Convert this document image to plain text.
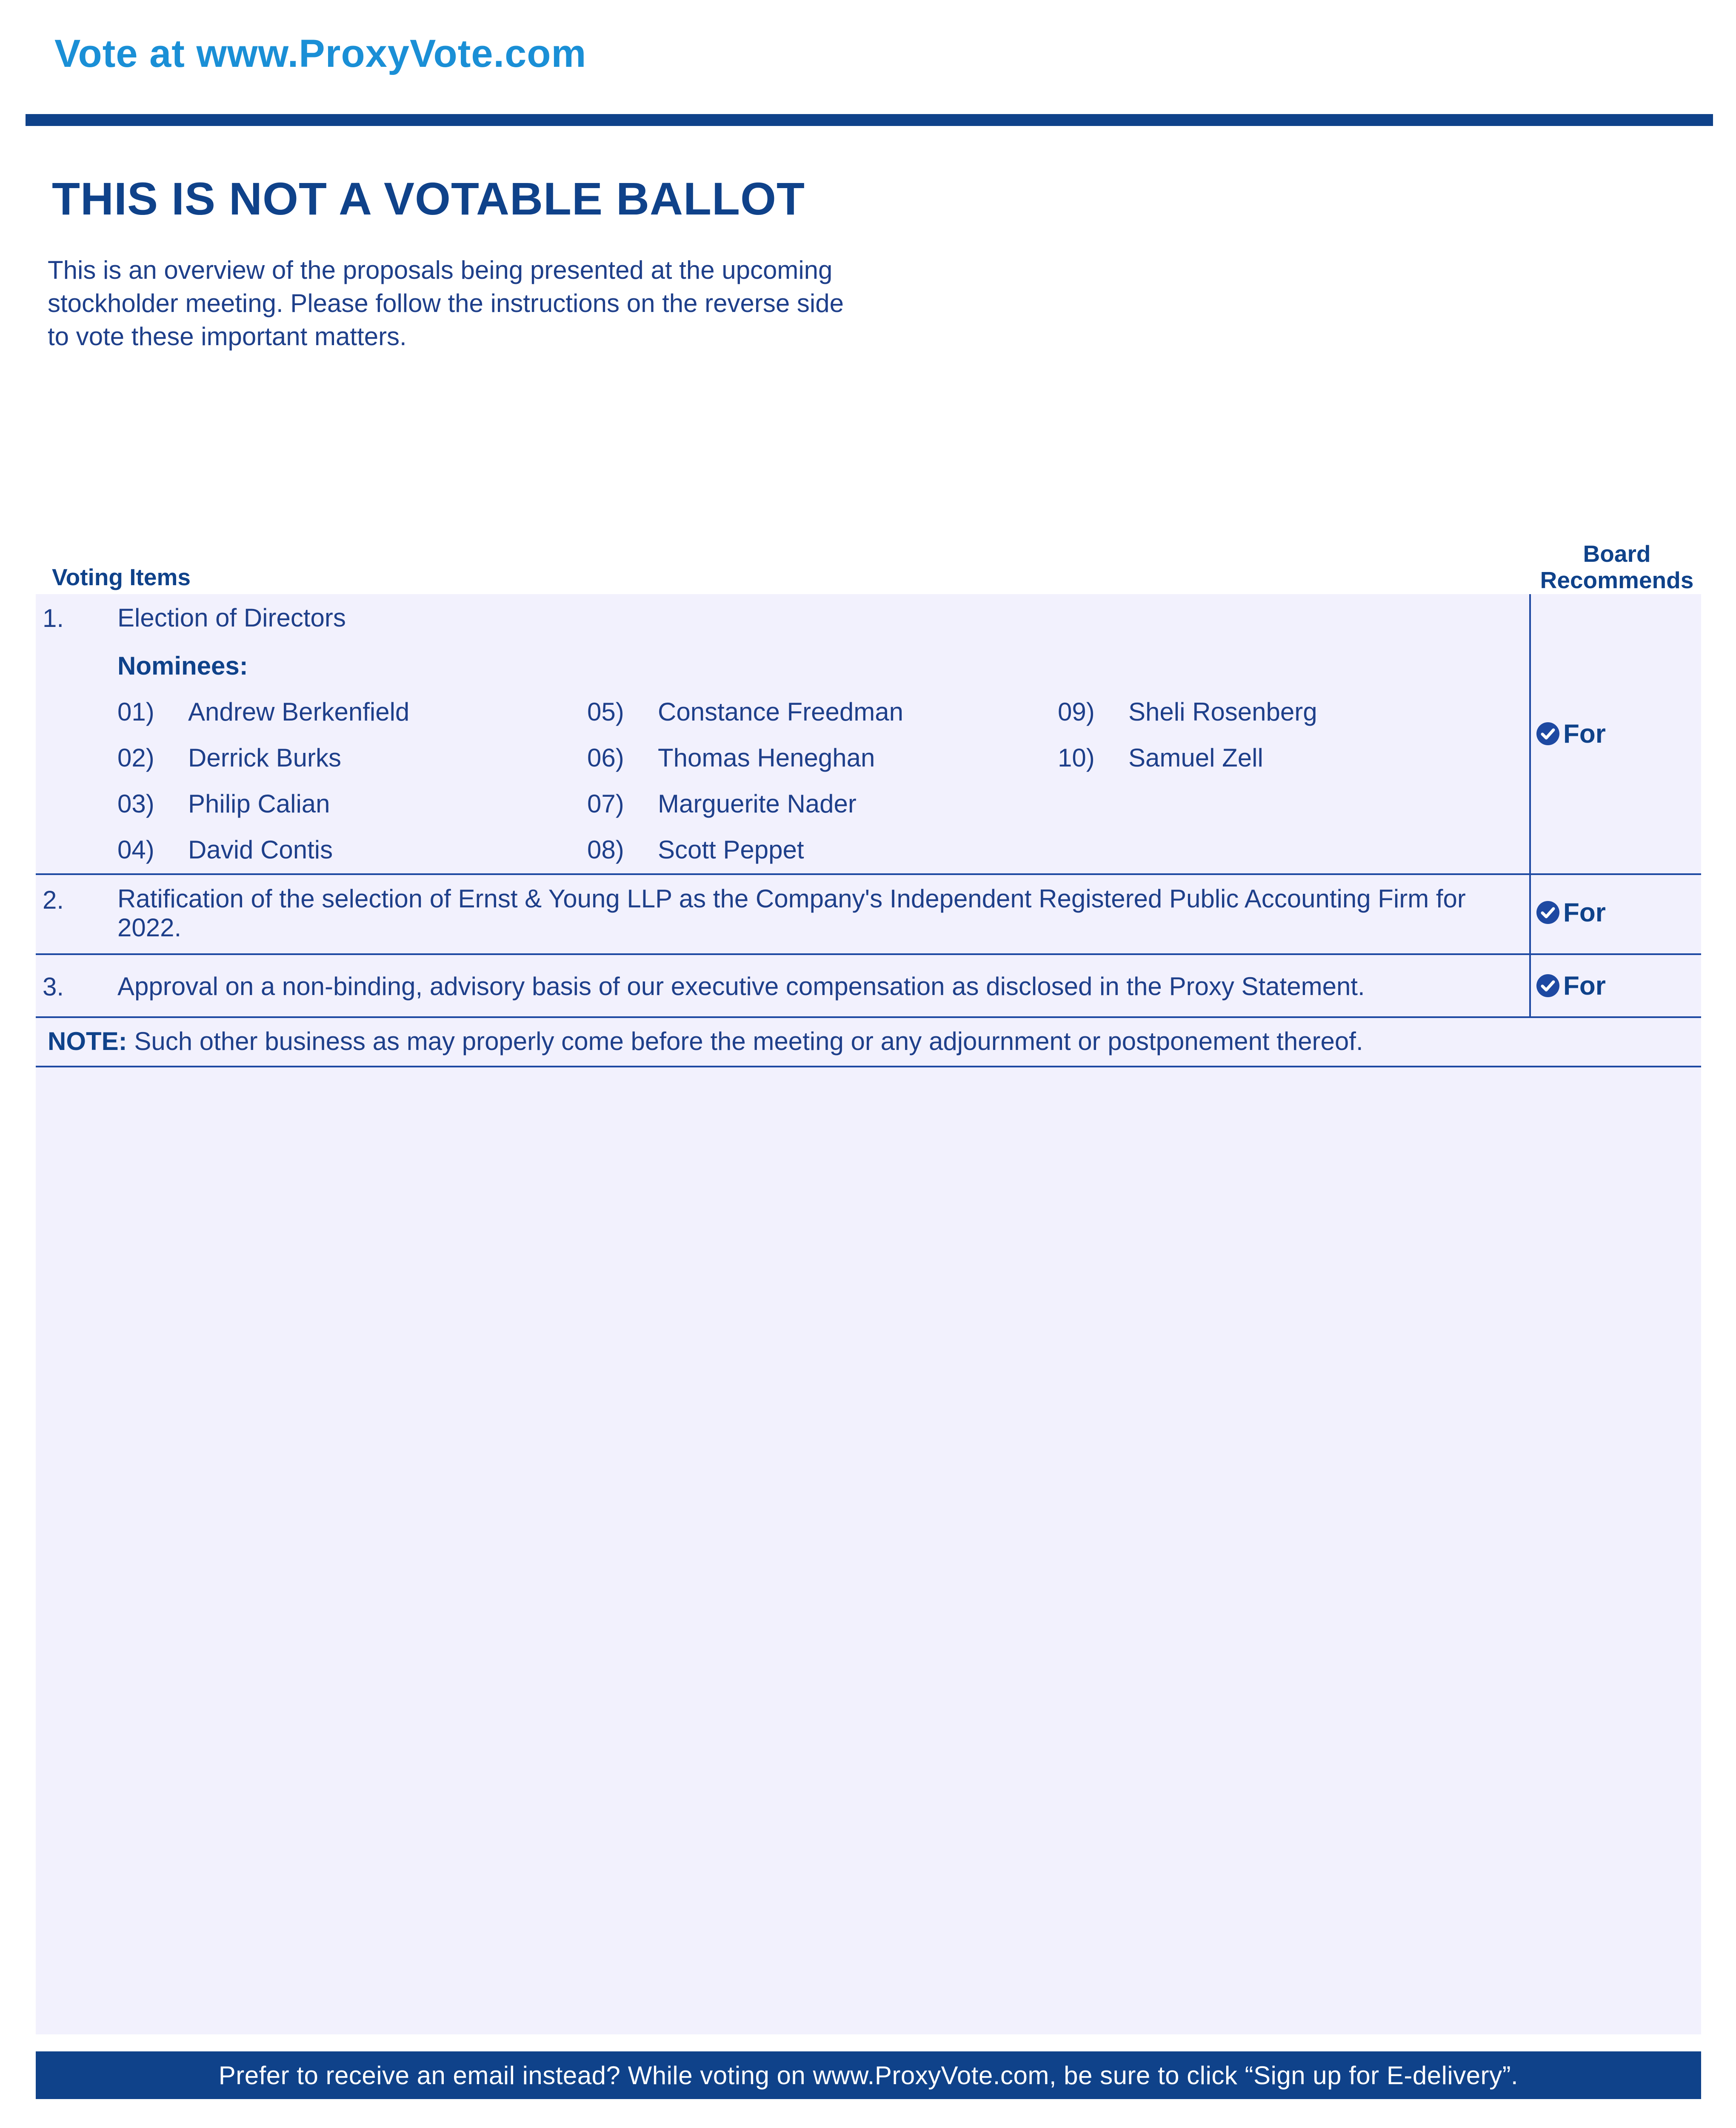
Vote at www.ProxyVote.com
THIS IS NOT A VOTABLE BALLOT
This is an overview of the proposals being presented at the upcoming stockholder meeting. Please follow the instructions on the reverse side to vote these important matters.
Voting Items
Board
Recommends
1. Election of Directors
Nominees:
01) Andrew Berkenfield
02) Derrick Burks
03) Philip Calian
04) David Contis
05) Constance Freedman
06) Thomas Heneghan
07) Marguerite Nader
08) Scott Peppet
09) Sheli Rosenberg
10) Samuel Zell
For
2. Ratification of the selection of Ernst & Young LLP as the Company's Independent Registered Public Accounting Firm for 2022.
For
3. Approval on a non-binding, advisory basis of our executive compensation as disclosed in the Proxy Statement.	For
NOTE: Such other business as may properly come before the meeting or any adjournment or postponement thereof.
Prefer to receive an email instead? While voting on www.ProxyVote.com, be sure to click “Sign up for E-delivery”.
